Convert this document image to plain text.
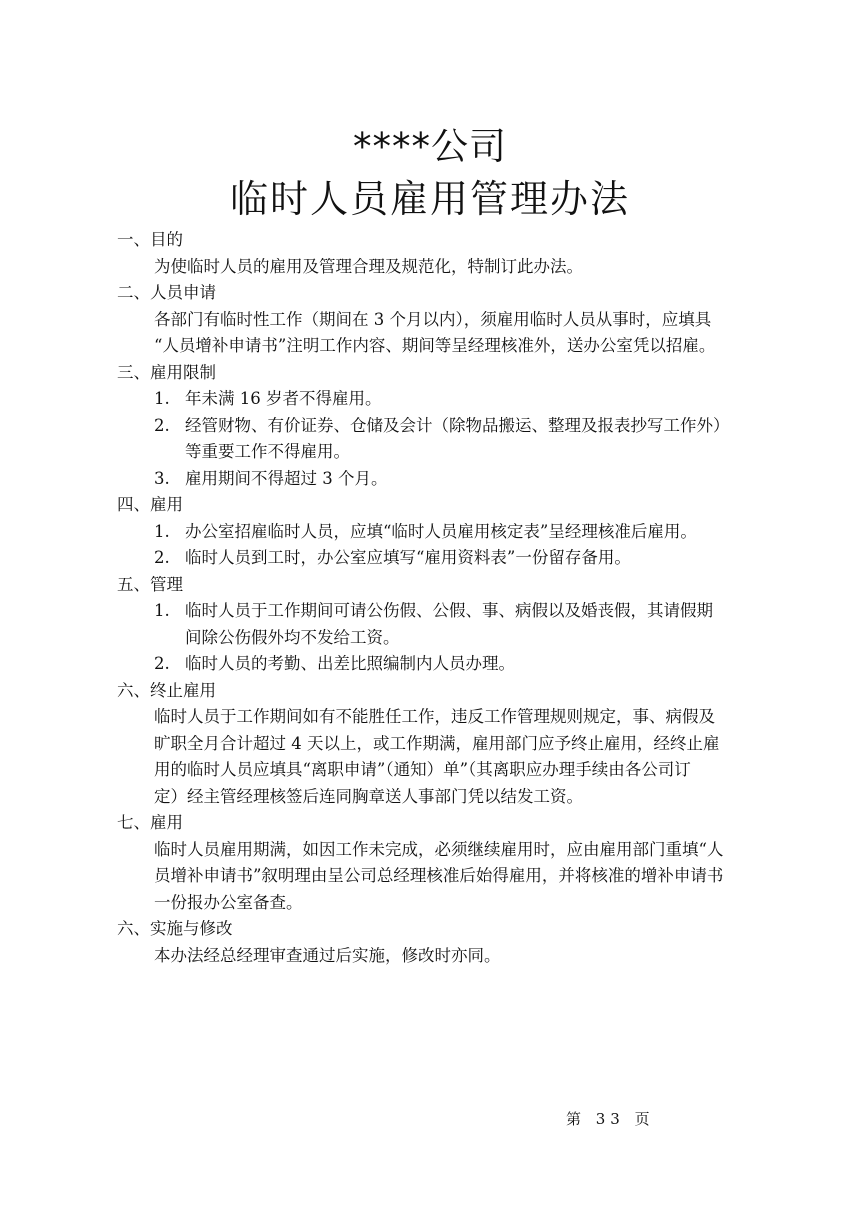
****公司
临时人员雇用管理办法
一、目的
为使临时人员的雇用及管理合理及规范化，特制订此办法。
二、人员申请
各部门有临时性工作（期间在 3 个月以内），须雇用临时人员从事时，应填具
“人员增补申请书”注明工作内容、期间等呈经理核准外，送办公室凭以招雇。
三、雇用限制
1. 年未满 16 岁者不得雇用。
2. 经管财物、有价证券、仓储及会计（除物品搬运、整理及报表抄写工作外）
等重要工作不得雇用。
3. 雇用期间不得超过 3 个月。
四、雇用
1. 办公室招雇临时人员，应填“临时人员雇用核定表”呈经理核准后雇用。
2. 临时人员到工时，办公室应填写“雇用资料表”一份留存备用。
五、管理
1. 临时人员于工作期间可请公伤假、公假、事、病假以及婚丧假，其请假期
间除公伤假外均不发给工资。
2. 临时人员的考勤、出差比照编制内人员办理。
六、终止雇用
临时人员于工作期间如有不能胜任工作，违反工作管理规则规定，事、病假及
旷职全月合计超过 4 天以上，或工作期满，雇用部门应予终止雇用，经终止雇
用的临时人员应填具“离职申请”（通知）单”（其离职应办理手续由各公司订
定）经主管经理核签后连同胸章送人事部门凭以结发工资。
七、雇用
临时人员雇用期满，如因工作未完成，必须继续雇用时，应由雇用部门重填“人
员增补申请书”叙明理由呈公司总经理核准后始得雇用，并将核准的增补申请书
一份报办公室备查。
六、实施与修改
本办法经总经理审查通过后实施，修改时亦同。
第 33 页
